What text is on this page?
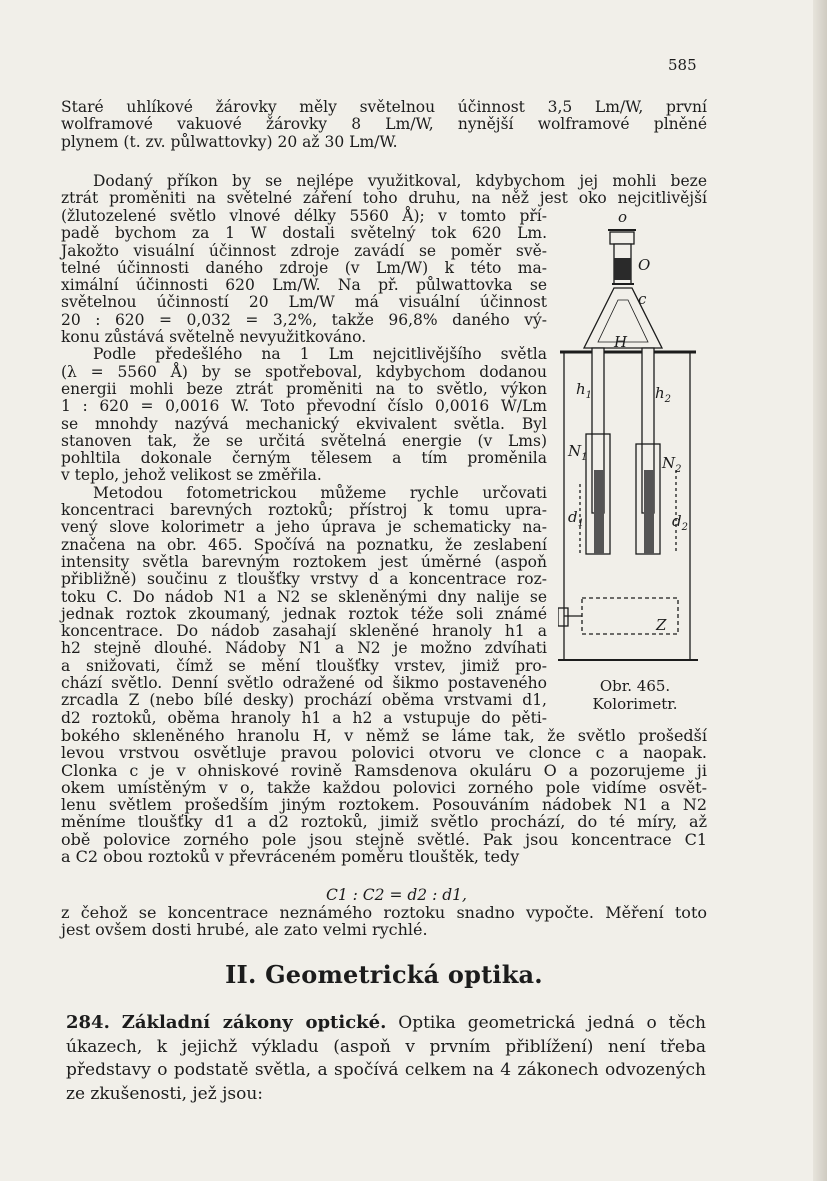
585
Staré uhlíkové žárovky měly světelnou účinnost 3,5 Lm/W, první
wolframové vakuové žárovky 8 Lm/W, nynější wolframové plněné
plynem (t. zv. půlwattovky) 20 až 30 Lm/W.
Dodaný příkon by se nejlépe využitkoval, kdybychom jej mohli beze
ztrát proměniti na světelné záření toho druhu, na něž jest oko nejcitlivější
(žlutozelené světlo vlnové délky 5560 Å); v tomto pří-
padě bychom za 1 W dostali světelný tok 620 Lm.
Jakožto visuální účinnost zdroje zavádí se poměr svě-
telné účinnosti daného zdroje (v Lm/W) k této ma-
ximální účinnosti 620 Lm/W. Na př. půlwattovka se
světelnou účinností 20 Lm/W má visuální účinnost
20 : 620 = 0,032 = 3,2%, takže 96,8% daného vý-
konu zůstává světelně nevyužitkováno.
Podle předešlého na 1 Lm nejcitlivějšího světla
(λ = 5560 Å) by se spotřeboval, kdybychom dodanou
energii mohli beze ztrát proměniti na to světlo, výkon
1 : 620 = 0,0016 W. Toto převodní číslo 0,0016 W/Lm
se mnohdy nazývá mechanický ekvivalent světla. Byl
stanoven tak, že se určitá světelná energie (v Lms)
pohltila dokonale černým tělesem a tím proměnila
v teplo, jehož velikost se změřila.
Metodou fotometrickou můžeme rychle určovati
koncentraci barevných roztoků; přístroj k tomu upra-
vený slove kolorimetr a jeho úprava je schematicky na-
značena na obr. 465. Spočívá na poznatku, že zeslabení
intensity světla barevným roztokem jest úměrné (aspoň
přibližně) součinu z tloušťky vrstvy d a koncentrace roz-
toku C. Do nádob N1 a N2 se skleněnými dny nalije se
jednak roztok zkoumaný, jednak roztok téže soli známé
koncentrace. Do nádob zasahají skleněné hranoly h1 a
h2 stejně dlouhé. Nádoby N1 a N2 je možno zdvíhati
a snižovati, čímž se mění tloušťky vrstev, jimiž pro-
chází světlo. Denní světlo odražené od šikmo postaveného
zrcadla Z (nebo bílé desky) prochází oběma vrstvami d1,
d2 roztoků, oběma hranoly h1 a h2 a vstupuje do pěti-
bokého skleněného hranolu H, v němž se láme tak, že světlo prošedší
levou vrstvou osvětluje pravou polovici otvoru ve clonce c a naopak.
Clonka c je v ohniskové rovině Ramsdenova okuláru O a pozorujeme ji
okem umístěným v o, takže každou polovici zorného pole vidíme osvět-
lenu světlem prošedším jiným roztokem. Posouváním nádobek N1 a N2
měníme tloušťky d1 a d2 roztoků, jimiž světlo prochází, do té míry, až
obě polovice zorného pole jsou stejně světlé. Pak jsou koncentrace C1
a C2 obou roztoků v převráceném poměru tlouštěk, tedy
C1 : C2 = d2 : d1,
z čehož se koncentrace neznámého roztoku snadno vypočte. Měření toto
jest ovšem dosti hrubé, ale zato velmi rychlé.
II. Geometrická optika.

284. Základní zákony optické. Optika geometrická jedná o těch úkazech, k jejichž výkladu (aspoň v prvním přiblížení) není třeba představy o podstatě světla, a spočívá celkem na 4 zákonech odvozených ze zkušenosti, jež jsou:

o
O
c
H
$h_1$	$h_2$
$N_1$	$N_2$
$d_1$	$d_2$
Z
Obr. 465.
Kolorimetr.
